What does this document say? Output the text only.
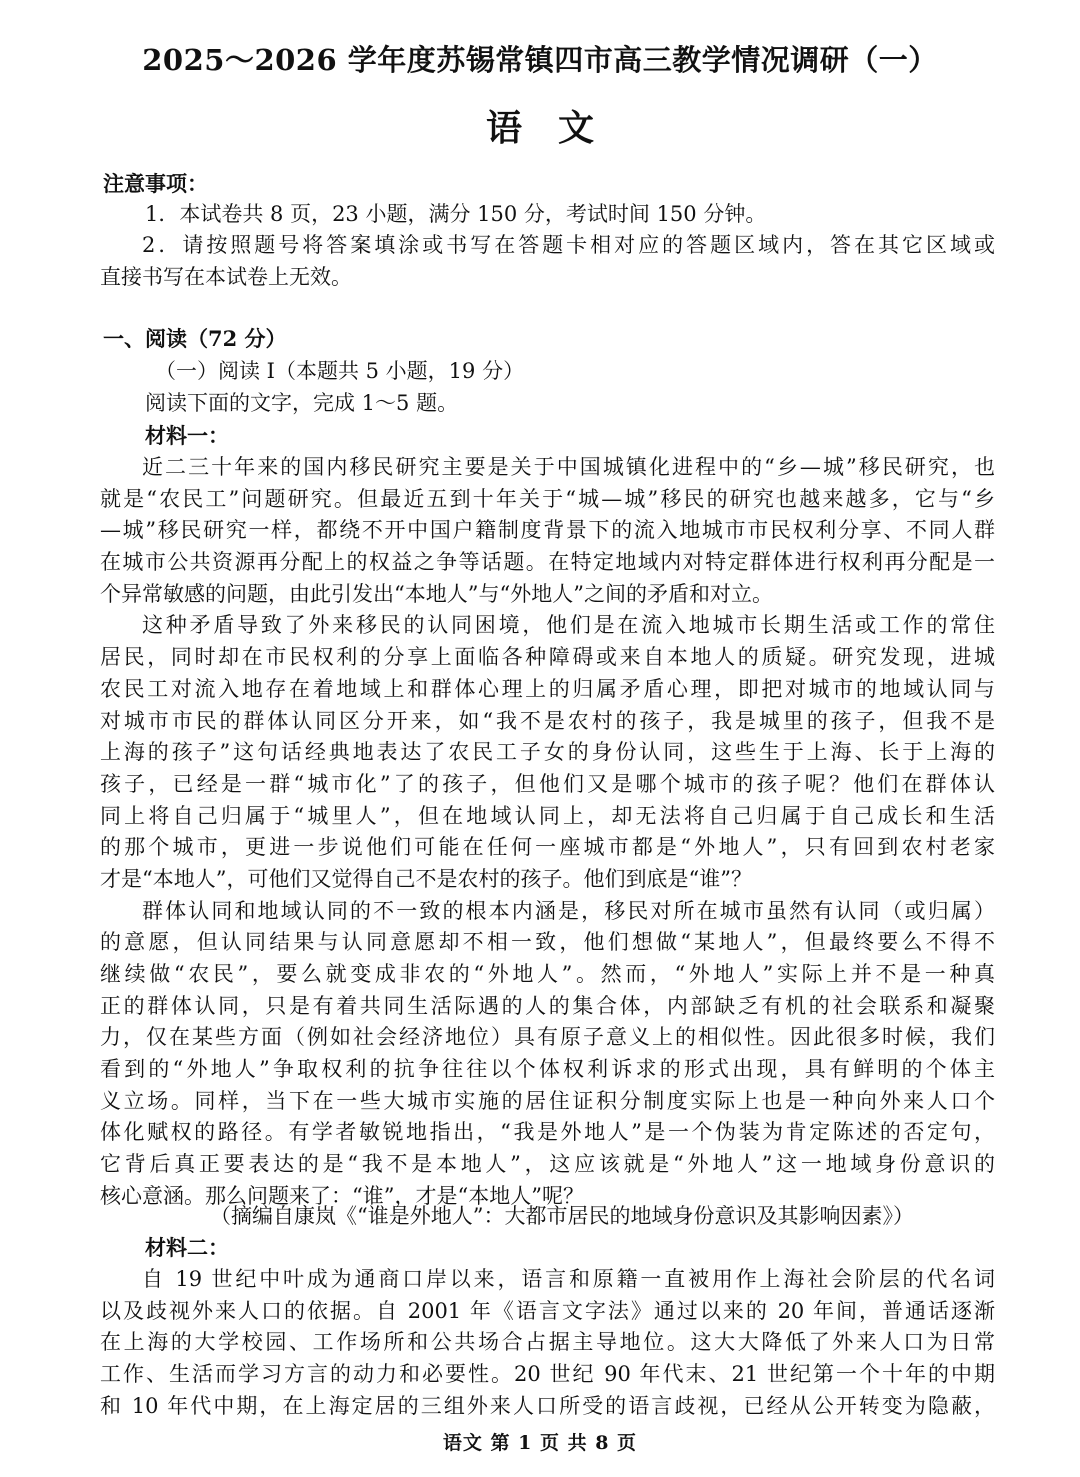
2025～2026 学年度苏锡常镇四市高三教学情况调研（一）
语文
注意事项：
1．本试卷共 8 页，23 小题，满分 150 分，考试时间 150 分钟。
2．请按照题号将答案填涂或书写在答题卡相对应的答题区域内，答在其它区域或
直接书写在本试卷上无效。
一、阅读（72 分）
（一）阅读 I（本题共 5 小题，19 分）
阅读下面的文字，完成 1～5 题。
材料一：
近二三十年来的国内移民研究主要是关于中国城镇化进程中的“乡—城”移民研究，也
就是“农民工”问题研究。但最近五到十年关于“城—城”移民的研究也越来越多，它与“乡
—城”移民研究一样，都绕不开中国户籍制度背景下的流入地城市市民权利分享、不同人群
在城市公共资源再分配上的权益之争等话题。在特定地域内对特定群体进行权利再分配是一
个异常敏感的问题，由此引发出“本地人”与“外地人”之间的矛盾和对立。
这种矛盾导致了外来移民的认同困境，他们是在流入地城市长期生活或工作的常住
居民，同时却在市民权利的分享上面临各种障碍或来自本地人的质疑。研究发现，进城
农民工对流入地存在着地域上和群体心理上的归属矛盾心理，即把对城市的地域认同与
对城市市民的群体认同区分开来，如“我不是农村的孩子，我是城里的孩子，但我不是
上海的孩子”这句话经典地表达了农民工子女的身份认同，这些生于上海、长于上海的
孩子，已经是一群“城市化”了的孩子，但他们又是哪个城市的孩子呢？他们在群体认
同上将自己归属于“城里人”，但在地域认同上，却无法将自己归属于自己成长和生活
的那个城市，更进一步说他们可能在任何一座城市都是“外地人”，只有回到农村老家
才是“本地人”，可他们又觉得自己不是农村的孩子。他们到底是“谁”？
群体认同和地域认同的不一致的根本内涵是，移民对所在城市虽然有认同（或归属）
的意愿，但认同结果与认同意愿却不相一致，他们想做“某地人”，但最终要么不得不
继续做“农民”，要么就变成非农的“外地人”。然而，“外地人”实际上并不是一种真
正的群体认同，只是有着共同生活际遇的人的集合体，内部缺乏有机的社会联系和凝聚
力，仅在某些方面（例如社会经济地位）具有原子意义上的相似性。因此很多时候，我们
看到的“外地人”争取权利的抗争往往以个体权利诉求的形式出现，具有鲜明的个体主
义立场。同样，当下在一些大城市实施的居住证积分制度实际上也是一种向外来人口个
体化赋权的路径。有学者敏锐地指出，“我是外地人”是一个伪装为肯定陈述的否定句，
它背后真正要表达的是“我不是本地人”，这应该就是“外地人”这一地域身份意识的
核心意涵。那么问题来了：“谁”，才是“本地人”呢？
（摘编自康岚《“谁是外地人”：大都市居民的地域身份意识及其影响因素》）
材料二：
自 19 世纪中叶成为通商口岸以来，语言和原籍一直被用作上海社会阶层的代名词
以及歧视外来人口的依据。自 2001 年《语言文字法》通过以来的 20 年间，普通话逐渐
在上海的大学校园、工作场所和公共场合占据主导地位。这大大降低了外来人口为日常
工作、生活而学习方言的动力和必要性。20 世纪 90 年代末、21 世纪第一个十年的中期
和 10 年代中期，在上海定居的三组外来人口所受的语言歧视，已经从公开转变为隐蔽，
语文 第 1 页 共 8 页
